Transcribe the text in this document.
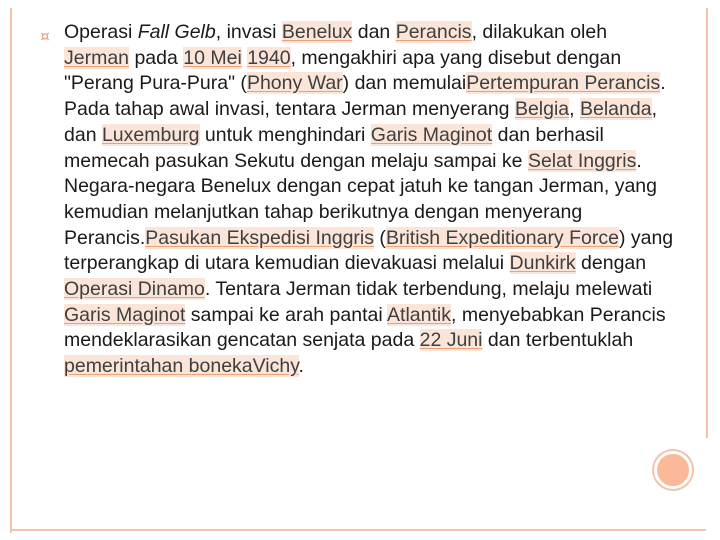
¤ Operasi Fall Gelb, invasi Benelux dan Perancis, dilakukan oleh Jerman pada 10 Mei 1940, mengakhiri apa yang disebut dengan "Perang Pura-Pura" (Phony War) dan memulaiPertempuran Perancis. Pada tahap awal invasi, tentara Jerman menyerang Belgia, Belanda, dan Luxemburg untuk menghindari Garis Maginot dan berhasil memecah pasukan Sekutu dengan melaju sampai ke Selat Inggris. Negara-negara Benelux dengan cepat jatuh ke tangan Jerman, yang kemudian melanjutkan tahap berikutnya dengan menyerang Perancis.Pasukan Ekspedisi Inggris (British Expeditionary Force) yang terperangkap di utara kemudian dievakuasi melalui Dunkirk dengan Operasi Dinamo. Tentara Jerman tidak terbendung, melaju melewati Garis Maginot sampai ke arah pantai Atlantik, menyebabkan Perancis mendeklarasikan gencatan senjata pada 22 Juni dan terbentuklah pemerintahan bonekaVichy.
